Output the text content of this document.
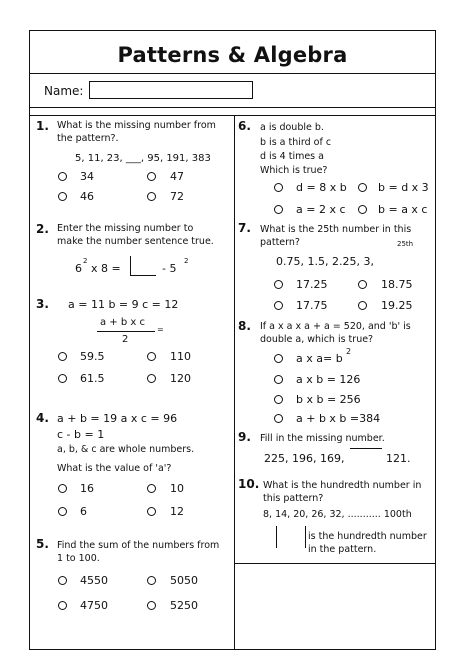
Patterns & Algebra
Name:
1. What is the missing number from the pattern?.
5, 11, 23, ___, 95, 191, 383
34	47
46	72
2. Enter the missing number to make the number sentence true.
6
2
x 8 =	- 5
2
3. a = 11 b = 9 c = 12
a + b x c
=
2
59.5	110
61.5	120
4. a + b = 19 a x c = 96
c - b = 1
a, b, & c are whole numbers.
What is the value of 'a'?
16	10
6	12
5. Find the sum of the numbers from 1 to 100.
4550	5050
4750	5250
6. a is double b.
b is a third of c
d is 4 times a
Which is true?
d = 8 x b	b = d x 3
a = 2 x c	b = a x c
7. What is the 25th number in this pattern?	25th
0.75, 1.5, 2.25, 3,
17.25	18.75
17.75	19.25
8. If a x a x a + a = 520, and 'b' is double a, which is true?
a x a= b
2
a x b = 126
b x b = 256
a + b x b =384
9. Fill in the missing number.
225, 196, 169,	121.
10. What is the hundredth number in this pattern?
8, 14, 20, 26, 32, ........... 100th
is the hundredth number in the pattern.
